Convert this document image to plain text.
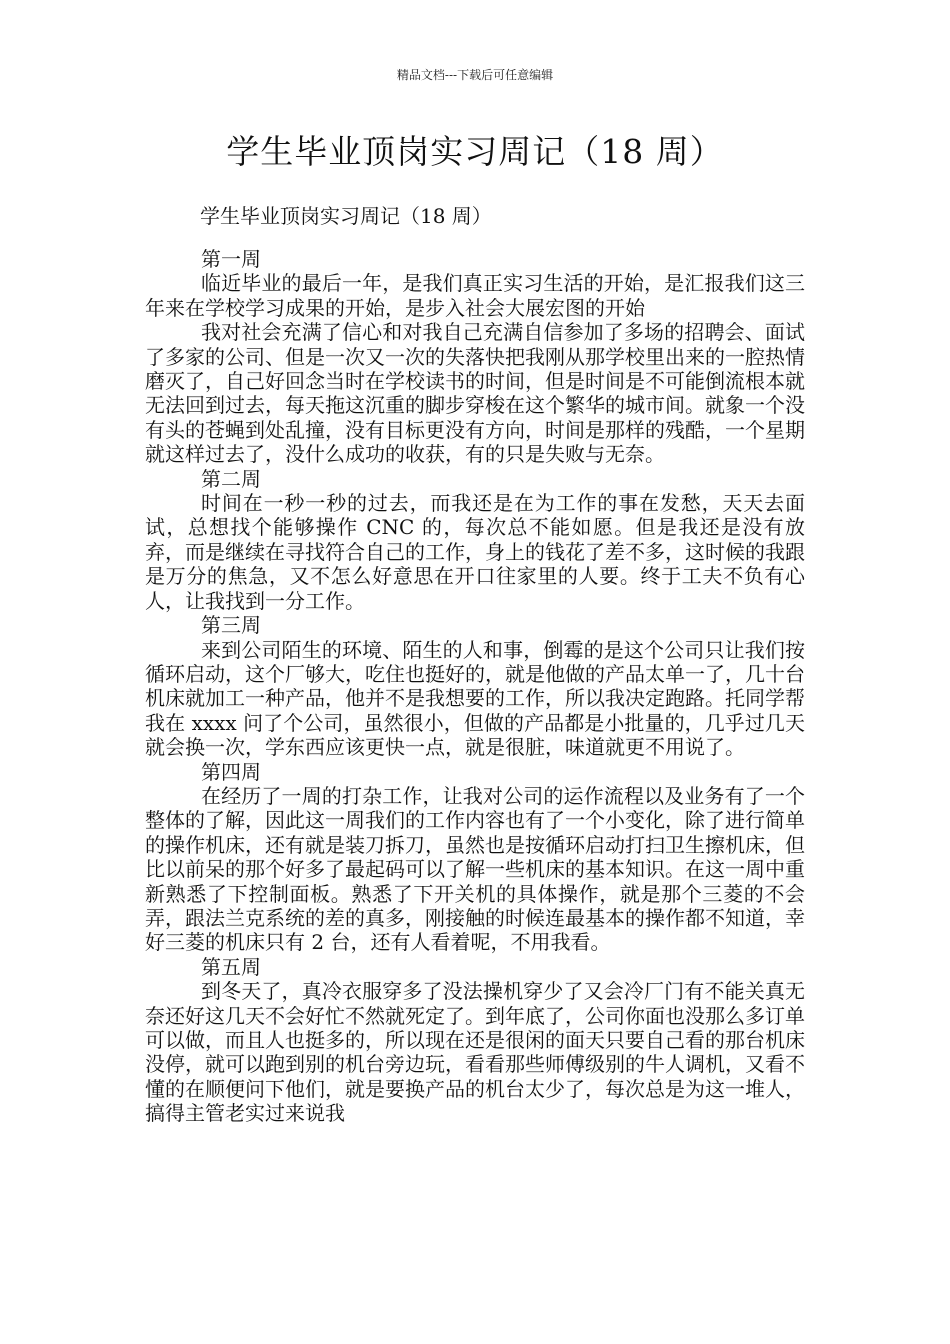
精品文档---下载后可任意编辑
学生毕业顶岗实习周记（18 周）
学生毕业顶岗实习周记（18 周）

第一周

临近毕业的最后一年，是我们真正实习生活的开始，是汇报我们这三年来在学校学习成果的开始，是步入社会大展宏图的开始

我对社会充满了信心和对我自己充满自信参加了多场的招聘会、面试了多家的公司、但是一次又一次的失落快把我刚从那学校里出来的一腔热情磨灭了，自己好回念当时在学校读书的时间，但是时间是不可能倒流根本就无法回到过去，每天拖这沉重的脚步穿梭在这个繁华的城市间。就象一个没有头的苍蝇到处乱撞，没有目标更没有方向，时间是那样的残酷，一个星期就这样过去了，没什么成功的收获，有的只是失败与无奈。

第二周

时间在一秒一秒的过去，而我还是在为工作的事在发愁，天天去面试，总想找个能够操作 CNC 的，每次总不能如愿。但是我还是没有放弃，而是继续在寻找符合自己的工作，身上的钱花了差不多，这时候的我跟是万分的焦急，又不怎么好意思在开口往家里的人要。终于工夫不负有心人，让我找到一分工作。

第三周

来到公司陌生的环境、陌生的人和事，倒霉的是这个公司只让我们按循环启动，这个厂够大，吃住也挺好的，就是他做的产品太单一了，几十台机床就加工一种产品，他并不是我想要的工作，所以我决定跑路。托同学帮我在 xxxx 问了个公司，虽然很小，但做的产品都是小批量的，几乎过几天就会换一次，学东西应该更快一点，就是很脏，味道就更不用说了。

第四周

在经历了一周的打杂工作，让我对公司的运作流程以及业务有了一个整体的了解，因此这一周我们的工作内容也有了一个小变化，除了进行简单的操作机床，还有就是装刀拆刀，虽然也是按循环启动打扫卫生擦机床，但比以前呆的那个好多了最起码可以了解一些机床的基本知识。在这一周中重新熟悉了下控制面板。熟悉了下开关机的具体操作，就是那个三菱的不会弄，跟法兰克系统的差的真多，刚接触的时候连最基本的操作都不知道，幸好三菱的机床只有 2 台，还有人看着呢，不用我看。

第五周

到冬天了，真冷衣服穿多了没法操机穿少了又会冷厂门有不能关真无奈还好这几天不会好忙不然就死定了。到年底了，公司你面也没那么多订单可以做，而且人也挺多的，所以现在还是很闲的面天只要自己看的那台机床没停，就可以跑到别的机台旁边玩，看看那些师傅级别的牛人调机，又看不懂的在顺便问下他们，就是要换产品的机台太少了，每次总是为这一堆人，搞得主管老实过来说我
